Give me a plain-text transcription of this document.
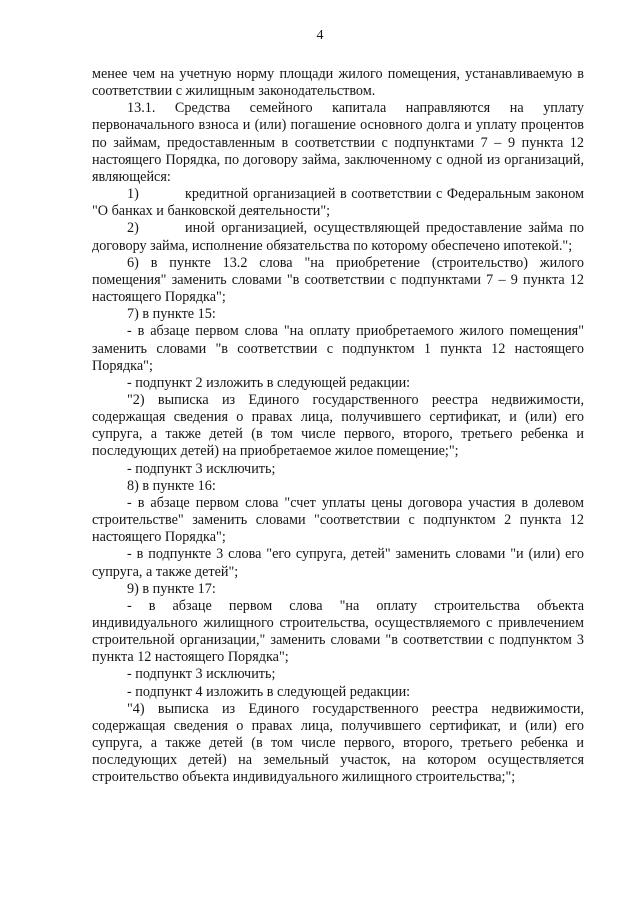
4

менее чем на учетную норму площади жилого помещения, устанавливаемую в соответствии с жилищным законодательством.

13.1. Средства семейного капитала направляются на уплату первоначального взноса и (или) погашение основного долга и уплату процентов по займам, предоставленным в соответствии с подпунктами 7 – 9 пункта 12 настоящего Порядка, по договору займа, заключенному с одной из организаций, являющейся:

1)	кредитной организацией в соответствии с Федеральным законом "О банках и банковской деятельности";

2)	иной организацией, осуществляющей предоставление займа по договору займа, исполнение обязательства по которому обеспечено ипотекой.";

6) в пункте 13.2 слова "на приобретение (строительство) жилого помещения" заменить словами "в соответствии с подпунктами 7 – 9 пункта 12 настоящего Порядка";

7) в пункте 15:

- в абзаце первом слова "на оплату приобретаемого жилого помещения" заменить словами "в соответствии с подпунктом 1 пункта 12 настоящего Порядка";

- подпункт 2 изложить в следующей редакции:

"2) выписка из Единого государственного реестра недвижимости, содержащая сведения о правах лица, получившего сертификат, и (или) его супруга, а также детей (в том числе первого, второго, третьего ребенка и последующих детей) на приобретаемое жилое помещение;";

- подпункт 3 исключить;

8) в пункте 16:

- в абзаце первом слова "счет уплаты цены договора участия в долевом строительстве" заменить словами "соответствии с подпунктом 2 пункта 12 настоящего Порядка";

- в подпункте 3 слова "его супруга, детей" заменить словами "и (или) его супруга, а также детей";

9) в пункте 17:

- в абзаце первом слова "на оплату строительства объекта индивидуального жилищного строительства, осуществляемого с привлечением строительной организации," заменить словами "в соответствии с подпунктом 3 пункта 12 настоящего Порядка";

- подпункт 3 исключить;

- подпункт 4 изложить в следующей редакции:

"4) выписка из Единого государственного реестра недвижимости, содержащая сведения о правах лица, получившего сертификат, и (или) его супруга, а также детей (в том числе первого, второго, третьего ребенка и последующих детей) на земельный участок, на котором осуществляется строительство объекта индивидуального жилищного строительства;";
